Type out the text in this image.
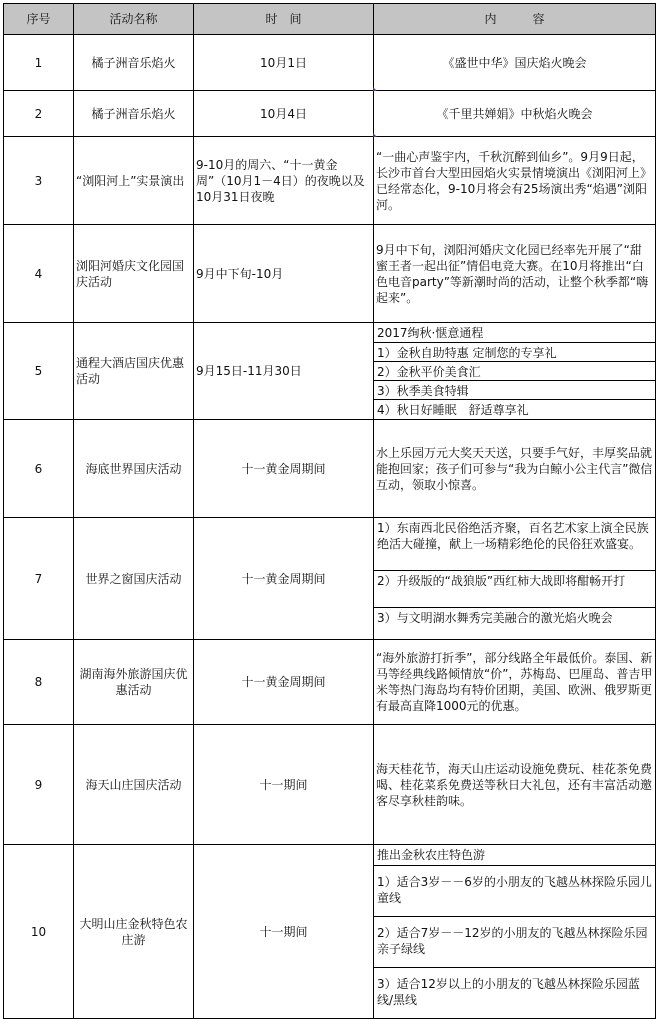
序号	活动名称	时　间	内　　　容
1	橘子洲音乐焰火	10月1日	《盛世中华》国庆焰火晚会
2	橘子洲音乐焰火	10月4日	《千里共婵娟》中秋焰火晚会
3	“浏阳河上”实景演出	9-10月的周六、“十一黄金周”（10月1－4日）的夜晚以及10月31日夜晚	“一曲心声鉴宇内，千秋沉醉到仙乡”。9月9日起，长沙市首台大型田园焰火实景情境演出《浏阳河上》已经常态化，9-10月将会有25场演出秀“焰遇”浏阳河。
4	浏阳河婚庆文化园国庆活动	9月中下旬-10月	9月中下旬，浏阳河婚庆文化园已经率先开展了“甜蜜王者一起出征”情侣电竞大赛。在10月将推出“白色电音party”等新潮时尚的活动，让整个秋季都“嗨起来”。
5	通程大酒店国庆优惠活动	9月15日-11月30日	2017绚秋·惬意通程
1）金秋自助特惠 定制您的专享礼
2）金秋平价美食汇
3）秋季美食特辑
4）秋日好睡眠　舒适尊享礼

6	海底世界国庆活动	十一黄金周期间	水上乐园万元大奖天天送，只要手气好，丰厚奖品就能抱回家；孩子们可参与“我为白鲸小公主代言”微信互动，领取小惊喜。
7	世界之窗国庆活动	十一黄金周期间	1）东南西北民俗绝活齐聚，百名艺术家上演全民族绝活大碰撞，献上一场精彩绝伦的民俗狂欢盛宴。
2）升级版的“战狼版”西红柿大战即将酣畅开打
3）与文明湖水舞秀完美融合的激光焰火晚会

8	湖南海外旅游国庆优惠活动	十一黄金周期间	“海外旅游打折季”，部分线路全年最低价。泰国、新马等经典线路倾情放“价”，苏梅岛、巴厘岛、普吉甲米等热门海岛均有特价团期，美国、欧洲、俄罗斯更有最高直降1000元的优惠。
9	海天山庄国庆活动	十一期间	海天桂花节，海天山庄运动设施免费玩、桂花茶免费喝、桂花菜系免费送等秋日大礼包，还有丰富活动邀客尽享秋桂韵味。
10	大明山庄金秋特色农庄游	十一期间	推出金秋农庄特色游
1）适合3岁－－6岁的小朋友的飞越丛林探险乐园儿童线
2）适合7岁－－12岁的小朋友的飞越丛林探险乐园亲子绿线
3）适合12岁以上的小朋友的飞越丛林探险乐园蓝线/黑线
